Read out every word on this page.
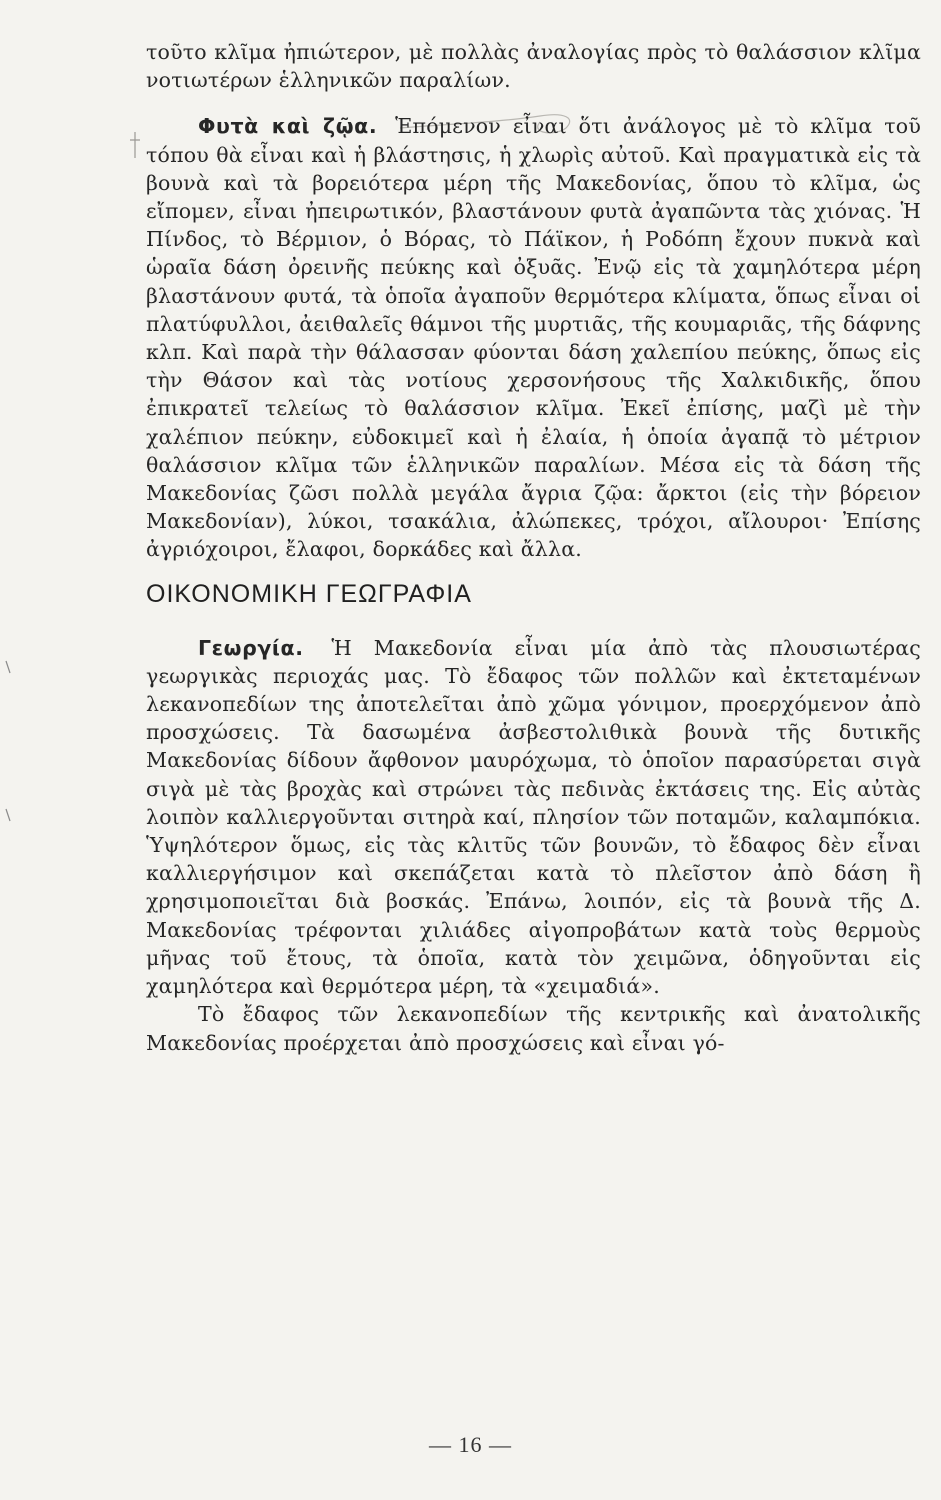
τοῦτο κλῖμα ἠπιώτερον, μὲ πολλὰς ἀναλογίας πρὸς τὸ θαλάσσιον κλῖμα νοτιωτέρων ἑλληνικῶν παραλίων.

Φυτὰ καὶ ζῷα. Ἑπόμενον εἶναι ὅτι ἀνάλογος μὲ τὸ κλῖμα τοῦ τόπου θὰ εἶναι καὶ ἡ βλάστησις, ἡ χλωρὶς αὐτοῦ. Καὶ πραγματικὰ εἰς τὰ βουνὰ καὶ τὰ βορειότερα μέρη τῆς Μακεδονίας, ὅπου τὸ κλῖμα, ὡς εἴπομεν, εἶναι ἠπειρωτικόν, βλαστάνουν φυτὰ ἀγαπῶντα τὰς χιόνας. Ἡ Πίνδος, τὸ Βέρμιον, ὁ Βόρας, τὸ Πάϊκον, ἡ Ροδόπη ἔχουν πυκνὰ καὶ ὡραῖα δάση ὀρεινῆς πεύκης καὶ ὀξυᾶς. Ἐνῷ εἰς τὰ χαμηλότερα μέρη βλαστάνουν φυτά, τὰ ὁποῖα ἀγαποῦν θερμότερα κλίματα, ὅπως εἶναι οἱ πλατύφυλλοι, ἀειθαλεῖς θάμνοι τῆς μυρτιᾶς, τῆς κουμαριᾶς, τῆς δάφνης κλπ. Καὶ παρὰ τὴν θάλασσαν φύονται δάση χαλεπίου πεύκης, ὅπως εἰς τὴν Θάσον καὶ τὰς νοτίους χερσονήσους τῆς Χαλκιδικῆς, ὅπου ἐπικρατεῖ τελείως τὸ θαλάσσιον κλῖμα. Ἐκεῖ ἐπίσης, μαζὶ μὲ τὴν χαλέπιον πεύκην, εὐδοκιμεῖ καὶ ἡ ἐλαία, ἡ ὁποία ἀγαπᾷ τὸ μέτριον θαλάσσιον κλῖμα τῶν ἑλληνικῶν παραλίων. Μέσα εἰς τὰ δάση τῆς Μακεδονίας ζῶσι πολλὰ μεγάλα ἄγρια ζῷα: ἄρκτοι (εἰς τὴν βόρειον Μακεδονίαν), λύκοι, τσακάλια, ἀλώπεκες, τρόχοι, αἴλουροι· Ἐπίσης ἀγριόχοιροι, ἔλαφοι, δορκάδες καὶ ἄλλα.

ΟΙΚΟΝΟΜΙΚΗ ΓΕΩΓΡΑΦΙΑ

Γεωργία. Ἡ Μακεδονία εἶναι μία ἀπὸ τὰς πλουσιωτέρας γεωργικὰς περιοχάς μας. Τὸ ἔδαφος τῶν πολλῶν καὶ ἐκτεταμένων λεκανοπεδίων της ἀποτελεῖται ἀπὸ χῶμα γόνιμον, προερχόμενον ἀπὸ προσχώσεις. Τὰ δασωμένα ἀσβεστολιθικὰ βουνὰ τῆς δυτικῆς Μακεδονίας δίδουν ἄφθονον μαυρόχωμα, τὸ ὁποῖον παρασύρεται σιγὰ σιγὰ μὲ τὰς βροχὰς καὶ στρώνει τὰς πεδινὰς ἐκτάσεις της. Εἰς αὐτὰς λοιπὸν καλλιεργοῦνται σιτηρὰ καί, πλησίον τῶν ποταμῶν, καλαμπόκια. Ὑψηλότερον ὅμως, εἰς τὰς κλιτῦς τῶν βουνῶν, τὸ ἔδαφος δὲν εἶναι καλλιεργήσιμον καὶ σκεπάζεται κατὰ τὸ πλεῖστον ἀπὸ δάση ἢ χρησιμοποιεῖται διὰ βοσκάς. Ἐπάνω, λοιπόν, εἰς τὰ βουνὰ τῆς Δ. Μακεδονίας τρέφονται χιλιάδες αἰγοπροβάτων κατὰ τοὺς θερμοὺς μῆνας τοῦ ἔτους, τὰ ὁποῖα, κατὰ τὸν χειμῶνα, ὁδηγοῦνται εἰς χαμηλότερα καὶ θερμότερα μέρη, τὰ «χειμαδιά».

Τὸ ἔδαφος τῶν λεκανοπεδίων τῆς κεντρικῆς καὶ ἀνατολικῆς Μακεδονίας προέρχεται ἀπὸ προσχώσεις καὶ εἶναι γό-

— 16 —
